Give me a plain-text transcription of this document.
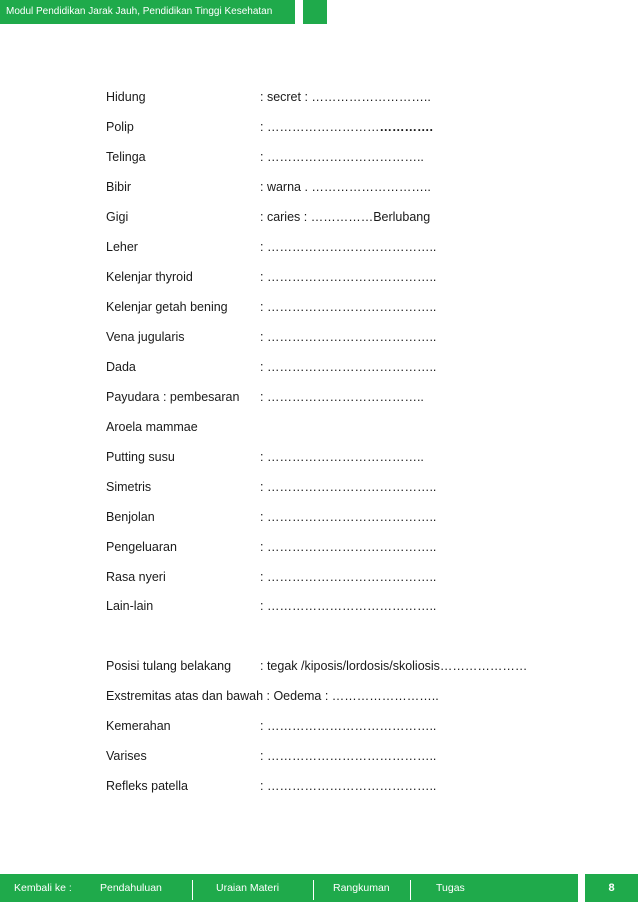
Modul Pendidikan Jarak Jauh, Pendidikan Tinggi Kesehatan
Hidung	: secret : ………………………..
Polip	: ………………………………….
Telinga	: ………………………………..
Bibir	: warna . ………………………..
Gigi	: caries : ……………Berlubang
Leher	: …………………………………..
Kelenjar thyroid	: …………………………………..
Kelenjar getah bening	: …………………………………..
Vena jugularis	: …………………………………..
Dada	: …………………………………..
Payudara : pembesaran : ………………………………..
Aroela mammae
Putting susu	: ………………………………..
Simetris	: …………………………………..
Benjolan	: …………………………………..
Pengeluaran	: …………………………………..
Rasa nyeri	: …………………………………..
Lain-lain	: …………………………………..
Posisi tulang belakang : tegak /kiposis/lordosis/skoliosis…………………
Exstremitas atas dan bawah : Oedema : ……………………..
Kemerahan	: …………………………………..
Varises	: …………………………………..
Refleks patella	: …………………………………..
Kembali ke :	Pendahuluan	Uraian Materi	Rangkuman	Tugas	8
